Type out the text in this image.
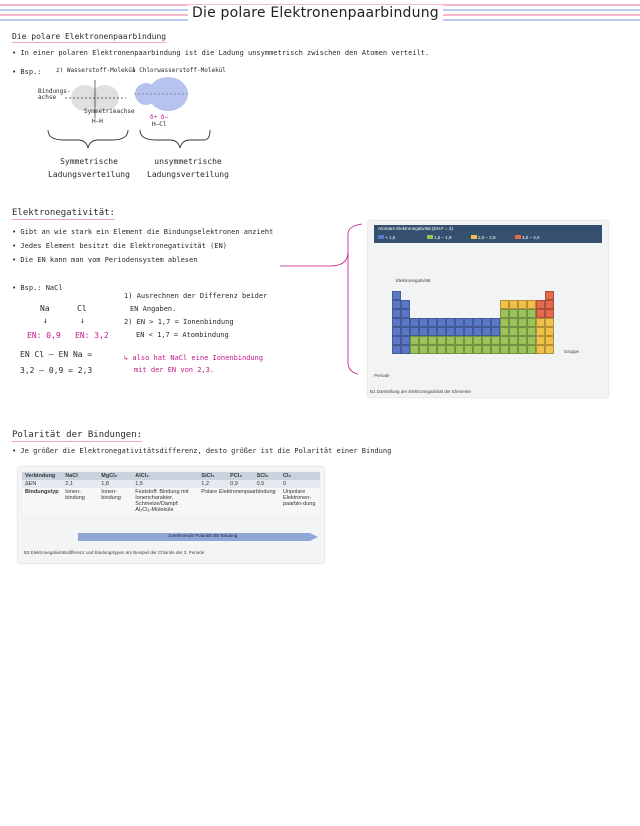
Die polare Elektronenpaarbindung
Die polare Elektronenpaarbindung
• In einer polaren Elektronenpaarbindung ist die Ladung unsymmetrisch zwischen den Atomen verteilt.
• Bsp.: z) Wasserstoff-Molekül
a Chlorwasserstoff-Molekül
Bindungs-achse
Symmetrieachse
H–H
δ+ δ–
H–Cl
Symmetrische Ladungsverteilung
unsymmetrische Ladungsverteilung
Elektronegativität:
• Gibt an wie stark ein Element die Bindungselektronen anzieht
• Jedes Element besitzt die Elektronegativität (EN)
• Die EN kann man vom Periodensystem ablesen
• Bsp.: NaCl
Na	Cl
↓	↓
EN: 0,9 EN: 3,2
EN Cl – EN Na =
3,2 – 0,9 = 2,3
1) Ausrechnen der Differenz beider
EN Angaben.
2) EN > 1,7 = Ionenbindung
EN < 1,7 = Atombindung
↳ also hat NaCl eine Ionenbindung
mit der EN von 2,3.
Atomare Elektronegativität (EN.F = 4)
< 1,5	1,5 – 1,9	2,0 – 2,9	3,0 – 4,0
Elektronegativität
Gruppe
Periode
B1 Darstellung der Elektronegativität der Elemente
Polarität der Bindungen:
• Je größer die Elektronegativitätsdifferenz, desto größer ist die Polarität einer Bindung
Verbindung	NaCl	MgCl₂	AlCl₃	SiCl₄	PCl₃	SCl₂	Cl₂
ΔEN	2,1	1,8	1,5	1,2	0,9	0,5	0
Bindungstyp	Ionen-bindung	Ionen-bindung	Feststoff: Bindung mit Ionencharakter, Schmelze/Dampf: Al₂Cl₆-Moleküle	Polare Elektronenpaarbindung			Unpolare Elektronen-paarbin-dung
zunehmende Polarität der Bindung
B3 Elektronegativitätsdifferenz und Bindungstypen am Beispiel der Chloride der 3. Periode
